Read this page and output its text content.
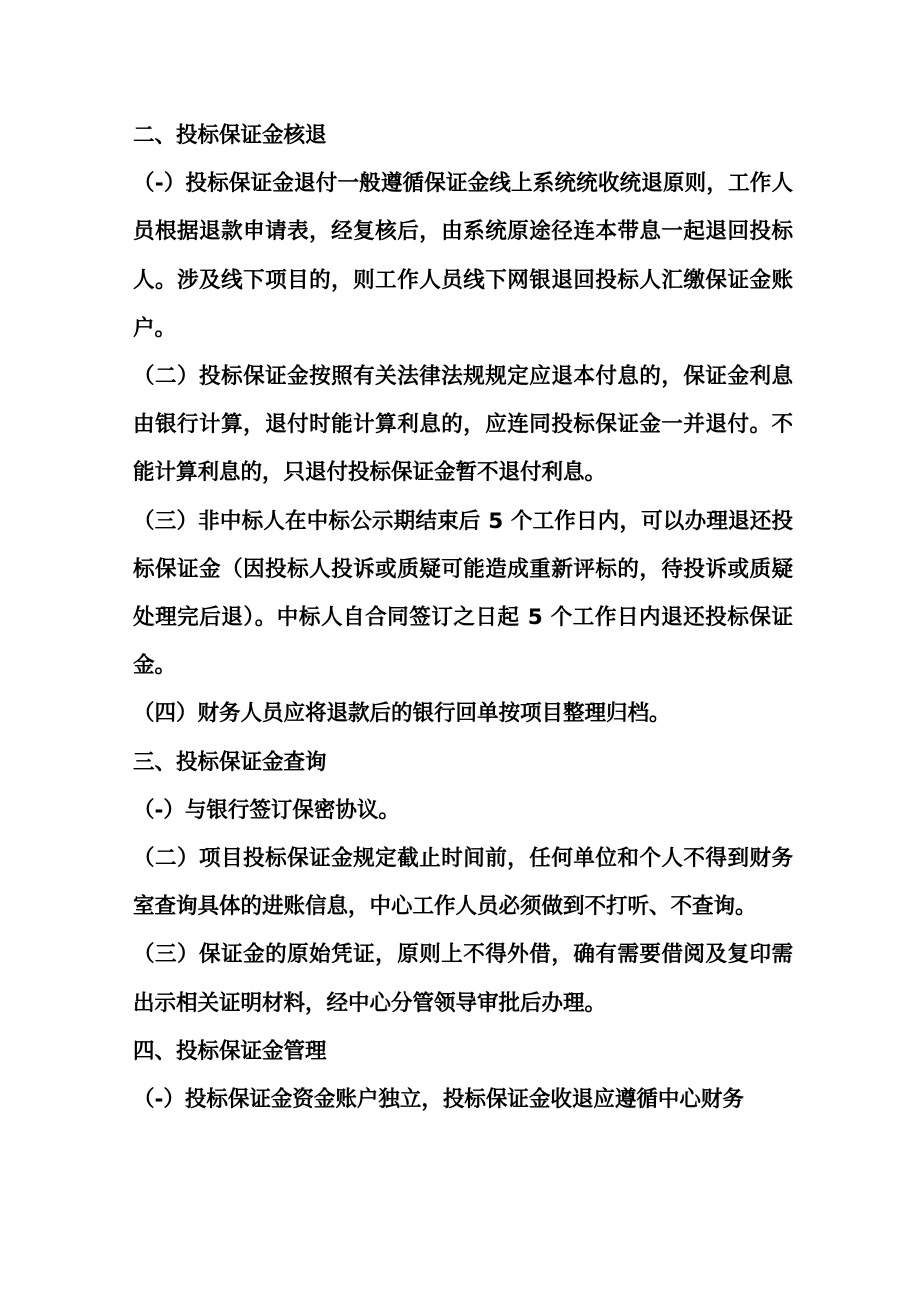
二、投标保证金核退

（-）投标保证金退付一般遵循保证金线上系统统收统退原则，工作人员根据退款申请表，经复核后，由系统原途径连本带息一起退回投标人。涉及线下项目的，则工作人员线下网银退回投标人汇缴保证金账户。

（二）投标保证金按照有关法律法规规定应退本付息的，保证金利息由银行计算，退付时能计算利息的，应连同投标保证金一并退付。不能计算利息的，只退付投标保证金暂不退付利息。

（三）非中标人在中标公示期结束后 5 个工作日内，可以办理退还投标保证金（因投标人投诉或质疑可能造成重新评标的，待投诉或质疑处理完后退）。中标人自合同签订之日起 5 个工作日内退还投标保证金。

（四）财务人员应将退款后的银行回单按项目整理归档。

三、投标保证金查询

（-）与银行签订保密协议。

（二）项目投标保证金规定截止时间前，任何单位和个人不得到财务室查询具体的进账信息，中心工作人员必须做到不打听、不查询。

（三）保证金的原始凭证，原则上不得外借，确有需要借阅及复印需出示相关证明材料，经中心分管领导审批后办理。

四、投标保证金管理

（-）投标保证金资金账户独立，投标保证金收退应遵循中心财务
